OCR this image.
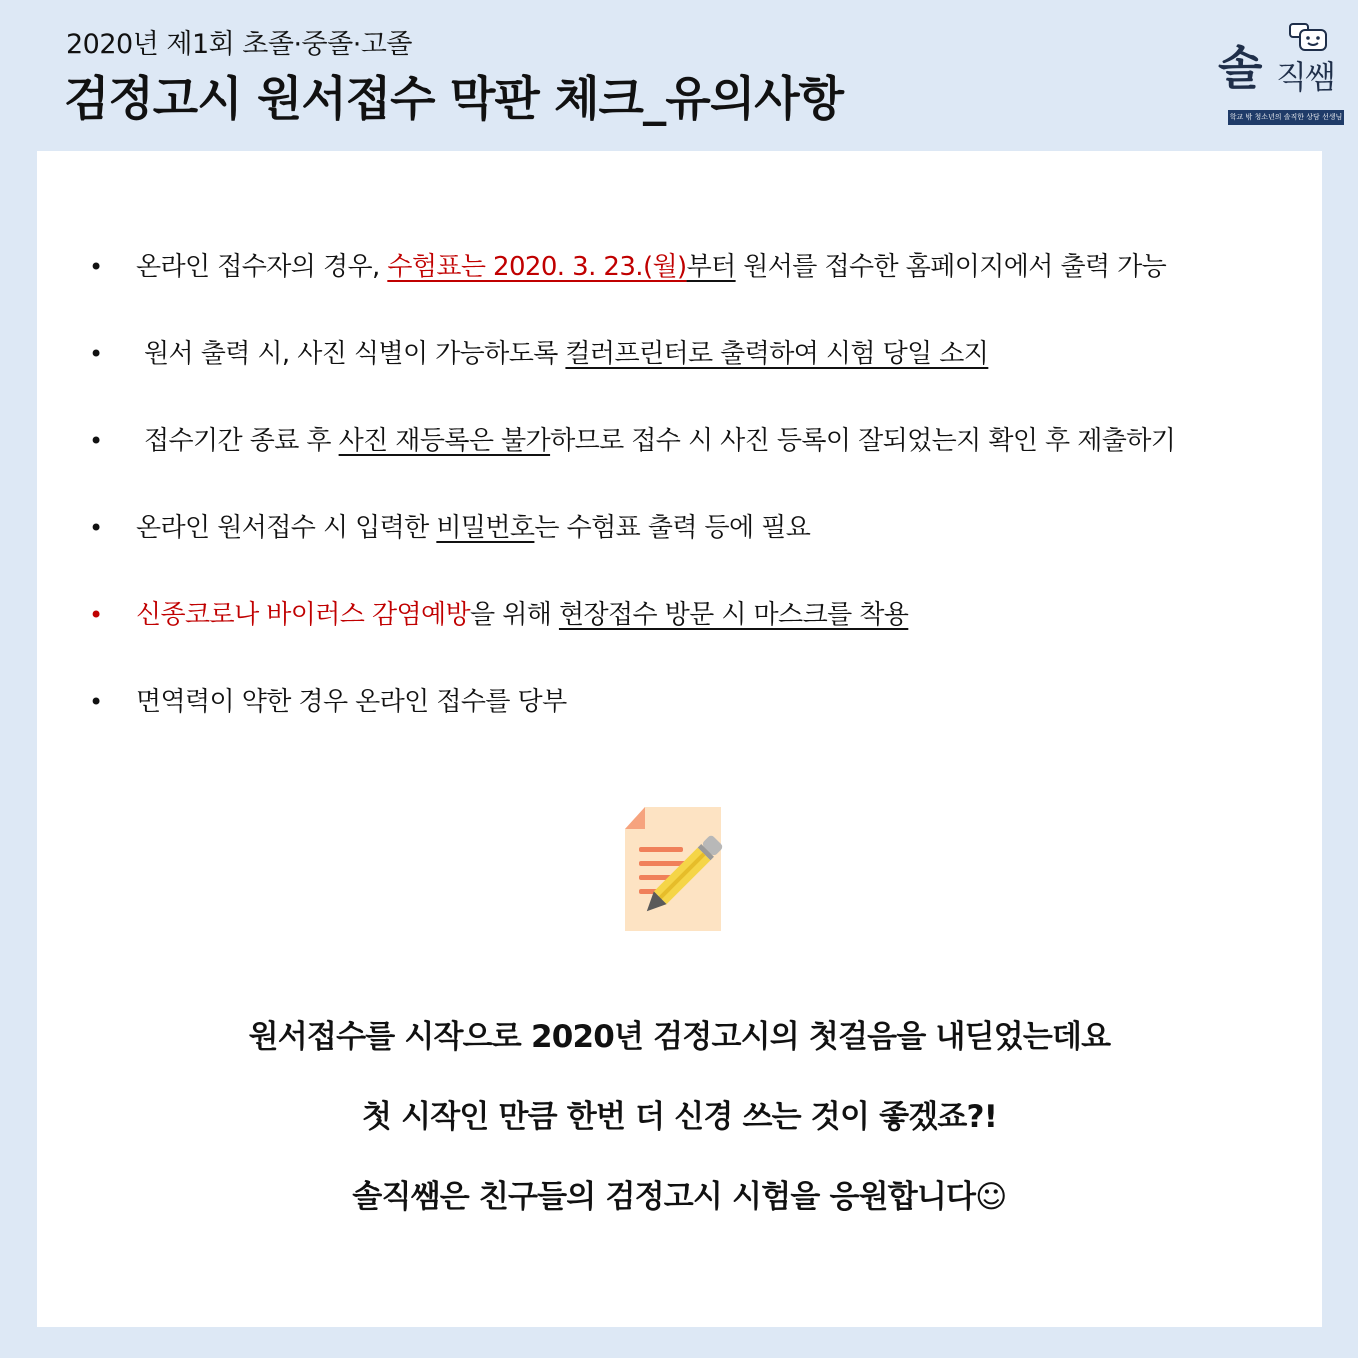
2020년 제1회 초졸·중졸·고졸
검정고시 원서접수 막판 체크_유의사항
솔 직쌤
학교 밖 청소년의 솔직한 상담 선생님
• 온라인 접수자의 경우, 수험표는 2020. 3. 23.(월)부터 원서를 접수한 홈페이지에서 출력 가능
• 원서 출력 시, 사진 식별이 가능하도록 컬러프린터로 출력하여 시험 당일 소지
• 접수기간 종료 후 사진 재등록은 불가하므로 접수 시 사진 등록이 잘되었는지 확인 후 제출하기
• 온라인 원서접수 시 입력한 비밀번호는 수험표 출력 등에 필요
• 신종코로나 바이러스 감염예방을 위해 현장접수 방문 시 마스크를 착용
• 면역력이 약한 경우 온라인 접수를 당부
원서접수를 시작으로 2020년 검정고시의 첫걸음을 내딛었는데요
첫 시작인 만큼 한번 더 신경 쓰는 것이 좋겠죠?!
솔직쌤은 친구들의 검정고시 시험을 응원합니다☺
